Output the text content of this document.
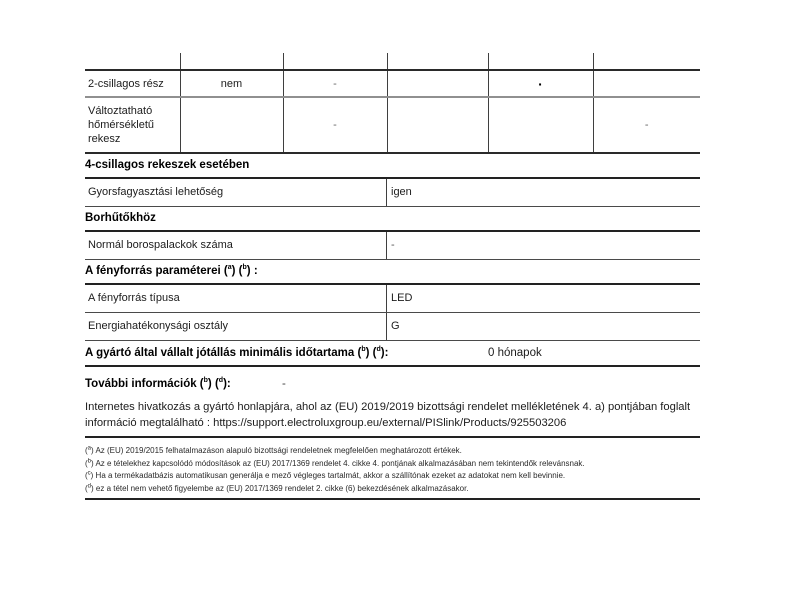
2-csillagos rész	nem	-		·	
Változtatható hőmérsékletű rekesz		-			-
4-csillagos rekeszek esetében
Gyorsfagyasztási lehetőség	igen
Borhűtőkhöz
Normál borospalackok száma	-
A fényforrás paraméterei ($^a$) ($^b$) :
A fényforrás típusa	LED
Energiahatékonysági osztály	G
A gyártó által vállalt jótállás minimális időtartama ($^b$) ($^d$):	0 hónapok
További információk ($^b$) ($^d$):	-

Internetes hivatkozás a gyártó honlapjára, ahol az (EU) 2019/2019 bizottsági rendelet mellékletének 4. a) pontjában foglalt információ megtalálható : https://support.electroluxgroup.eu/external/PISlink/Products/925503206

($^a$) Az (EU) 2019/2015 felhatalmazáson alapuló bizottsági rendeletnek megfelelően meghatározott értékek.
($^b$) Az e tételekhez kapcsolódó módosítások az (EU) 2017/1369 rendelet 4. cikke 4. pontjának alkalmazásában nem tekintendők relevánsnak.
($^c$) Ha a termékadatbázis automatikusan generálja e mező végleges tartalmát, akkor a szállítónak ezeket az adatokat nem kell bevinnie.
($^d$) ez a tétel nem vehető figyelembe az (EU) 2017/1369 rendelet 2. cikke (6) bekezdésének alkalmazásakor.
